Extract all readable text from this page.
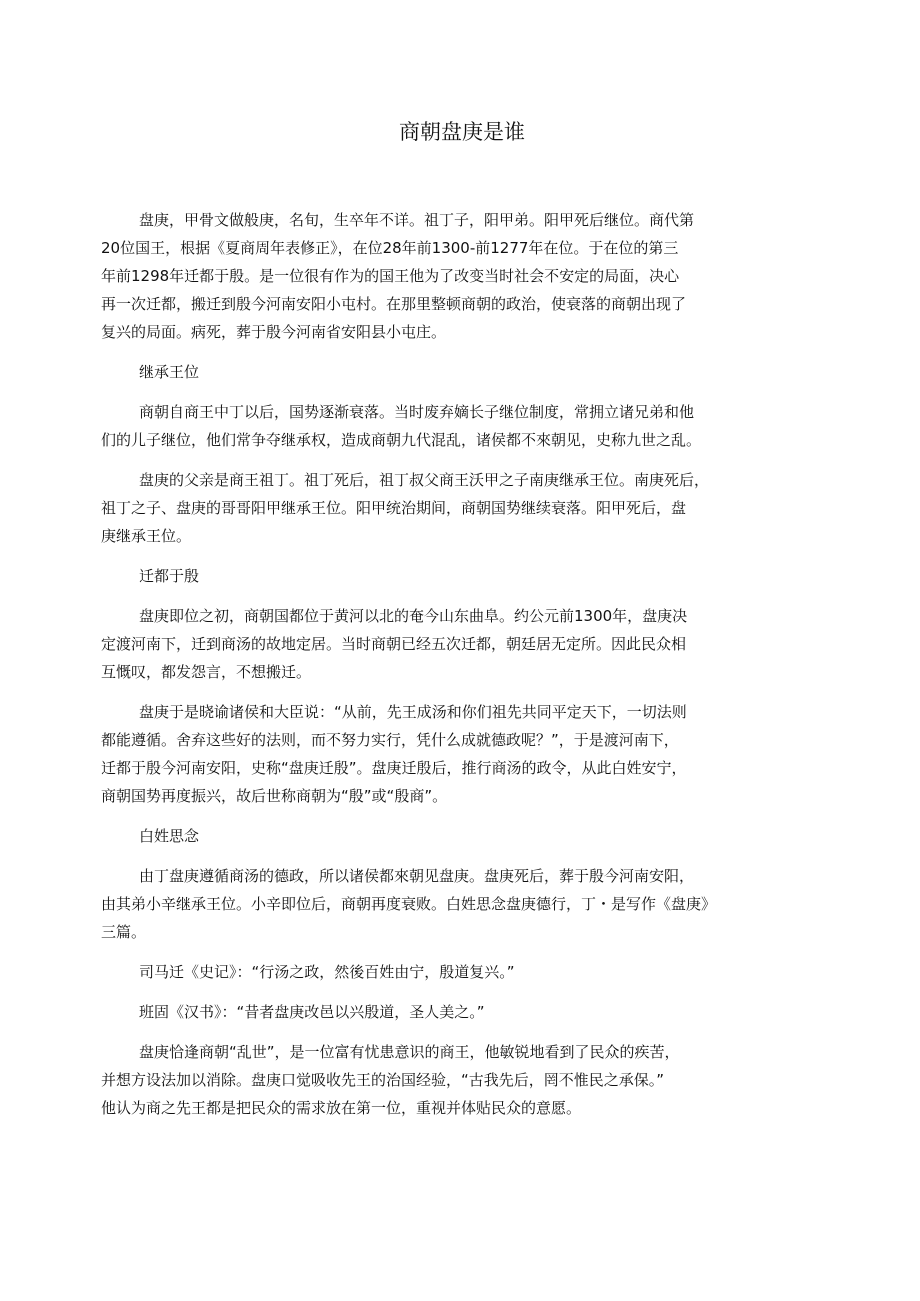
商朝盘庚是谁
盘庚，甲骨文做般庚，名旬，生卒年不详。祖丁子，阳甲弟。阳甲死后继位。商代第
20位国王，根据《夏商周年表修正》，在位28年前1300-前1277年在位。于在位的第三
年前1298年迁都于殷。是一位很有作为的国王他为了改变当时社会不安定的局面，决心
再一次迁都，搬迁到殷今河南安阳小屯村。在那里整顿商朝的政治，使衰落的商朝出现了
复兴的局面。病死，葬于殷今河南省安阳县小屯庄。
继承王位
商朝自商王中丁以后，国势逐渐衰落。当时废弃嫡长子继位制度，常拥立诸兄弟和他
们的儿子继位，他们常争夺继承权，造成商朝九代混乱，诸侯都不來朝见，史称九世之乱。
盘庚的父亲是商王祖丁。祖丁死后，祖丁叔父商王沃甲之子南庚继承王位。南庚死后，
祖丁之子、盘庚的哥哥阳甲继承王位。阳甲统治期间，商朝国势继续衰落。阳甲死后，盘
庚继承王位。
迁都于殷
盘庚即位之初，商朝国都位于黄河以北的奄今山东曲阜。约公元前1300年，盘庚决
定渡河南下，迁到商汤的故地定居。当时商朝已经五次迁都，朝廷居无定所。因此民众相
互慨叹，都发怨言，不想搬迁。
盘庚于是晓谕诸侯和大臣说：“从前，先王成汤和你们祖先共同平定天下，一切法则
都能遵循。舍弃这些好的法则，而不努力实行，凭什么成就德政呢？”，于是渡河南下，
迁都于殷今河南安阳，史称“盘庚迁殷”。盘庚迁殷后，推行商汤的政令，从此白姓安宁，
商朝国势再度振兴，故后世称商朝为“殷”或“殷商”。
白姓思念
由丁盘庚遵循商汤的德政，所以诸侯都來朝见盘庚。盘庚死后，葬于殷今河南安阳，
由其弟小辛继承王位。小辛即位后，商朝再度衰败。白姓思念盘庚德行，丁・是写作《盘庚》
三篇。
司马迁《史记》：“行汤之政，然後百姓由宁，殷道复兴。”
班固《汉书》：“昔者盘庚改邑以兴殷道，圣人美之。”
盘庚恰逢商朝“乱世”，是一位富有忧患意识的商王，他敏锐地看到了民众的疾苦，
并想方设法加以消除。盘庚口觉吸收先王的治国经验，“古我先后，罔不惟民之承保。”
他认为商之先王都是把民众的需求放在第一位，重视并体贴民众的意愿。
